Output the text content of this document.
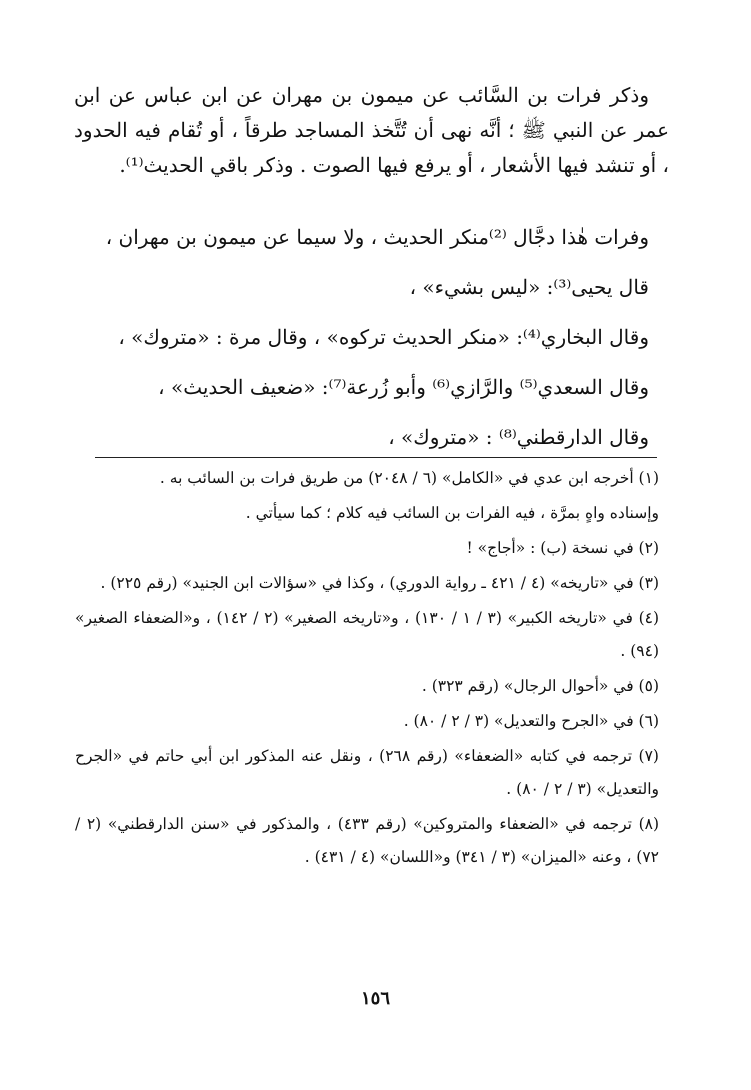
وذكر فرات بن السَّائب عن ميمون بن مهران عن ابن عباس عن ابن عمر عن النبي ﷺ ؛ أنَّه نهى أن تُتَّخذ المساجد طرقاً ، أو تُقام فيه الحدود ، أو تنشد فيها الأشعار ، أو يرفع فيها الصوت . وذكر باقي الحديث⁽¹⁾.

وفرات هٰذا دجَّال ⁽²⁾منكر الحديث ، ولا سيما عن ميمون بن مهران ،

قال يحيى⁽³⁾: «ليس بشيء» ،

وقال البخاري⁽⁴⁾: «منكر الحديث تركوه» ، وقال مرة : «متروك» ،

وقال السعدي⁽⁵⁾ والرَّازي⁽⁶⁾ وأبو زُرعة⁽⁷⁾: «ضعيف الحديث» ،

وقال الدارقطني⁽⁸⁾ : «متروك» ،

(١) أخرجه ابن عدي في «الكامل» (٦ / ٢٠٤٨) من طريق فرات بن السائب به .

وإسناده واهٍ بمرَّة ، فيه الفرات بن السائب فيه كلام ؛ كما سيأتي .

(٢) في نسخة (ب) : «أجاج» !

(٣) في «تاريخه» (٤ / ٤٢١ ـ رواية الدوري) ، وكذا في «سؤالات ابن الجنيد» (رقم ٢٢٥) .

(٤) في «تاريخه الكبير» (٣ / ١ / ١٣٠) ، و«تاريخه الصغير» (٢ / ١٤٢) ، و«الضعفاء الصغير» (٩٤) .

(٥) في «أحوال الرجال» (رقم ٣٢٣) .

(٦) في «الجرح والتعديل» (٣ / ٢ / ٨٠) .

(٧) ترجمه في كتابه «الضعفاء» (رقم ٢٦٨) ، ونقل عنه المذكور ابن أبي حاتم في «الجرح والتعديل» (٣ / ٢ / ٨٠) .

(٨) ترجمه في «الضعفاء والمتروكين» (رقم ٤٣٣) ، والمذكور في «سنن الدارقطني» (٢ / ٧٢) ، وعنه «الميزان» (٣ / ٣٤١) و«اللسان» (٤ / ٤٣١) .

١٥٦
